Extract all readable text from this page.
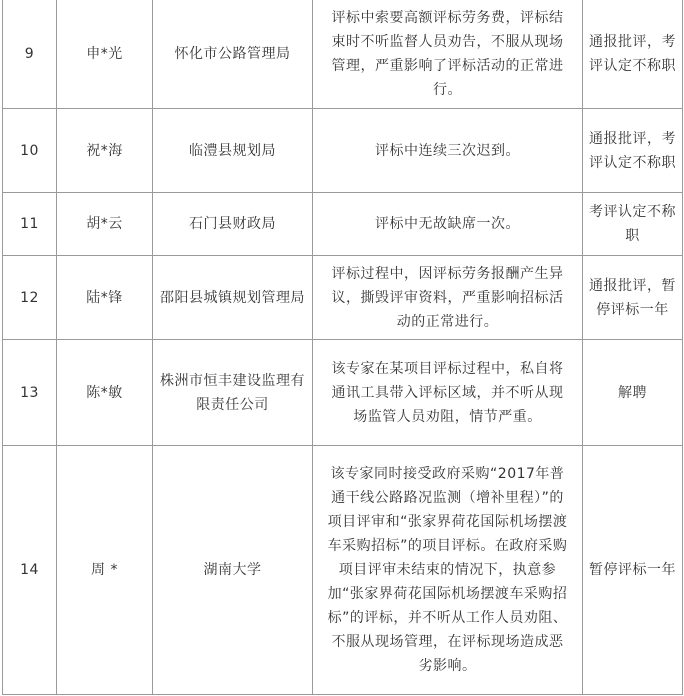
9	申*光	怀化市公路管理局	评标中索要高额评标劳务费，评标结束时不听监督人员劝告，不服从现场管理，严重影响了评标活动的正常进行。	通报批评，考评认定不称职
10	祝*海	临澧县规划局	评标中连续三次迟到。	通报批评，考评认定不称职
11	胡*云	石门县财政局	评标中无故缺席一次。	考评认定不称职
12	陆*锋	邵阳县城镇规划管理局	评标过程中，因评标劳务报酬产生异议，撕毁评审资料，严重影响招标活动的正常进行。	通报批评，暂停评标一年
13	陈*敏	株洲市恒丰建设监理有限责任公司	该专家在某项目评标过程中，私自将通讯工具带入评标区域，并不听从现场监管人员劝阻，情节严重。	解聘
14	周 *	湖南大学	该专家同时接受政府采购“2017年普通干线公路路况监测（增补里程）”的项目评审和“张家界荷花国际机场摆渡车采购招标”的项目评标。在政府采购项目评审未结束的情况下，执意参加“张家界荷花国际机场摆渡车采购招标”的评标，并不听从工作人员劝阻、不服从现场管理，在评标现场造成恶劣影响。	暂停评标一年
